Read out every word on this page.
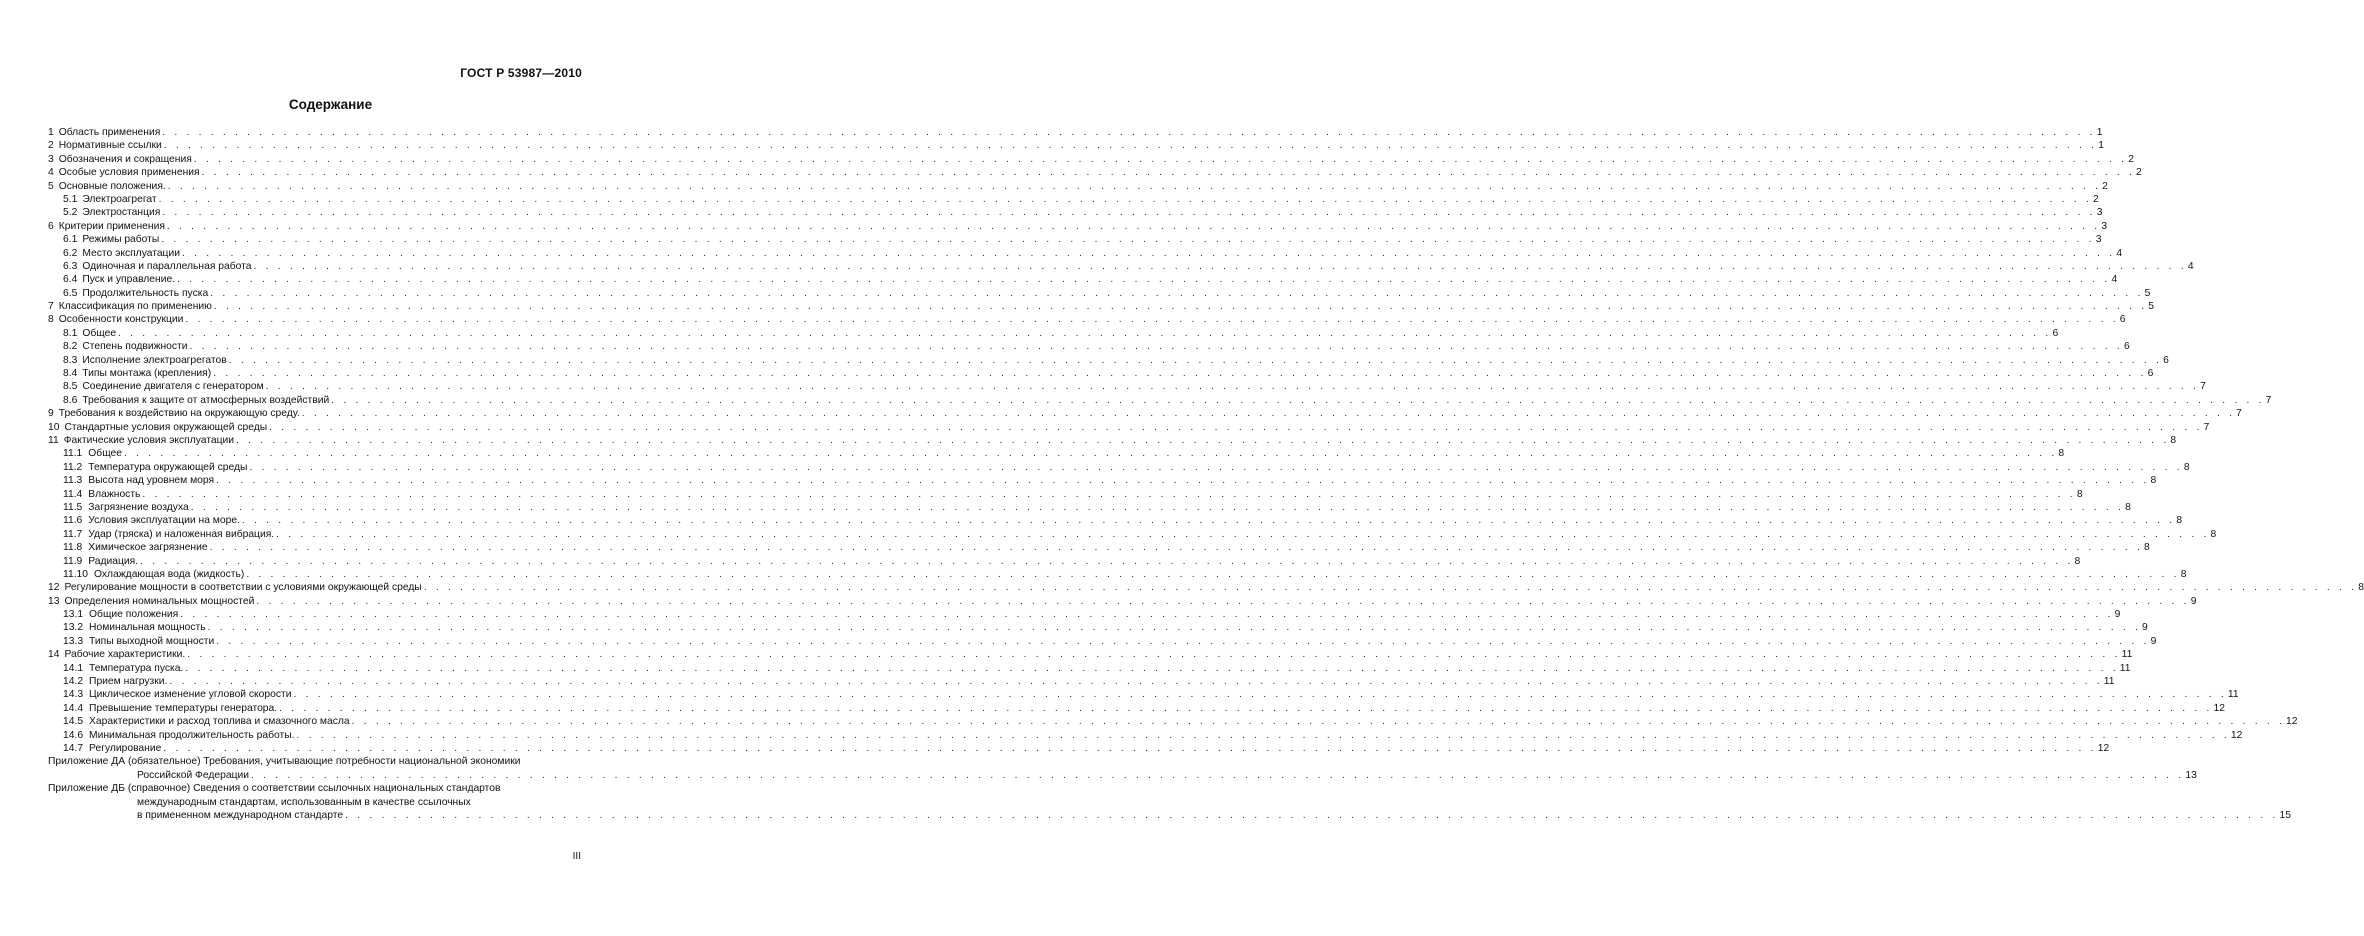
ГОСТ Р 53987—2010
Содержание
1 Область применения . . . . . . . . . . . . . . . . . . . . . . . . . . . . . . . . . . . . . . . . . . . . . . . . . . . . . . . . . . . . . . . . . . . . . . . . . . . . . . . . . . . . . . . . . . . . . . . . . . . . . . . . . . . . . . . . . . . . . . . . . . . . . . . . . . . . . . . . . . . . . . . . . . . . . . . . . . . . . . . . 1
2 Нормативные ссылки . . . . . . . . . . . . . . . . . . . . . . . . . . . . . . . . . . . . . . . . . . . . . . . . . . . . . . . . . . . . . . . . . . . . . . . . . . . . . . . . . . . . . . . . . . . . . . . . . . . . . . . . . . . . . . . . . . . . . . . . . . . . . . . . . . . . . . . . . . . . . . . . . . . . . . . . . . . . . . . . 1
3 Обозначения и сокращения . . . . . . . . . . . . . . . . . . . . . . . . . . . . . . . . . . . . . . . . . . . . . . . . . . . . . . . . . . . . . . . . . . . . . . . . . . . . . . . . . . . . . . . . . . . . . . . . . . . . . . . . . . . . . . . . . . . . . . . . . . . . . . . . . . . . . . . . . . . . . . . . . . . . . . . . . . . . . . . . 2
4 Особые условия применения . . . . . . . . . . . . . . . . . . . . . . . . . . . . . . . . . . . . . . . . . . . . . . . . . . . . . . . . . . . . . . . . . . . . . . . . . . . . . . . . . . . . . . . . . . . . . . . . . . . . . . . . . . . . . . . . . . . . . . . . . . . . . . . . . . . . . . . . . . . . . . . . . . . . . . . . . . . . . . . . 2
5 Основные положения. . . . . . . . . . . . . . . . . . . . . . . . . . . . . . . . . . . . . . . . . . . . . . . . . . . . . . . . . . . . . . . . . . . . . . . . . . . . . . . . . . . . . . . . . . . . . . . . . . . . . . . . . . . . . . . . . . . . . . . . . . . . . . . . . . . . . . . . . . . . . . . . . . . . . . . . . . . . . . . . . 2
5.1 Электроагрегат . . . . . . . . . . . . . . . . . . . . . . . . . . . . . . . . . . . . . . . . . . . . . . . . . . . . . . . . . . . . . . . . . . . . . . . . . . . . . . . . . . . . . . . . . . . . . . . . . . . . . . . . . . . . . . . . . . . . . . . . . . . . . . . . . . . . . . . . . . . . . . . . . . . . . . . . . . . . . . . . 2
5.2 Электростанция . . . . . . . . . . . . . . . . . . . . . . . . . . . . . . . . . . . . . . . . . . . . . . . . . . . . . . . . . . . . . . . . . . . . . . . . . . . . . . . . . . . . . . . . . . . . . . . . . . . . . . . . . . . . . . . . . . . . . . . . . . . . . . . . . . . . . . . . . . . . . . . . . . . . . . . . . . . . . . . . 3
6 Критерии применения . . . . . . . . . . . . . . . . . . . . . . . . . . . . . . . . . . . . . . . . . . . . . . . . . . . . . . . . . . . . . . . . . . . . . . . . . . . . . . . . . . . . . . . . . . . . . . . . . . . . . . . . . . . . . . . . . . . . . . . . . . . . . . . . . . . . . . . . . . . . . . . . . . . . . . . . . . . . . . . . 3
6.1 Режимы работы . . . . . . . . . . . . . . . . . . . . . . . . . . . . . . . . . . . . . . . . . . . . . . . . . . . . . . . . . . . . . . . . . . . . . . . . . . . . . . . . . . . . . . . . . . . . . . . . . . . . . . . . . . . . . . . . . . . . . . . . . . . . . . . . . . . . . . . . . . . . . . . . . . . . . . . . . . . . . . . . 3
6.2 Место эксплуатации . . . . . . . . . . . . . . . . . . . . . . . . . . . . . . . . . . . . . . . . . . . . . . . . . . . . . . . . . . . . . . . . . . . . . . . . . . . . . . . . . . . . . . . . . . . . . . . . . . . . . . . . . . . . . . . . . . . . . . . . . . . . . . . . . . . . . . . . . . . . . . . . . . . . . . . . . . . . . . . . 4
6.3 Одиночная и параллельная работа . . . . . . . . . . . . . . . . . . . . . . . . . . . . . . . . . . . . . . . . . . . . . . . . . . . . . . . . . . . . . . . . . . . . . . . . . . . . . . . . . . . . . . . . . . . . . . . . . . . . . . . . . . . . . . . . . . . . . . . . . . . . . . . . . . . . . . . . . . . . . . . . . . . . . . . . . . . . . . . . 4
6.4 Пуск и управление. . . . . . . . . . . . . . . . . . . . . . . . . . . . . . . . . . . . . . . . . . . . . . . . . . . . . . . . . . . . . . . . . . . . . . . . . . . . . . . . . . . . . . . . . . . . . . . . . . . . . . . . . . . . . . . . . . . . . . . . . . . . . . . . . . . . . . . . . . . . . . . . . . . . . . . . . . . . . . . . . 4
6.5 Продолжительность пуска . . . . . . . . . . . . . . . . . . . . . . . . . . . . . . . . . . . . . . . . . . . . . . . . . . . . . . . . . . . . . . . . . . . . . . . . . . . . . . . . . . . . . . . . . . . . . . . . . . . . . . . . . . . . . . . . . . . . . . . . . . . . . . . . . . . . . . . . . . . . . . . . . . . . . . . . . . . . . . . . 5
7 Классификация по применению . . . . . . . . . . . . . . . . . . . . . . . . . . . . . . . . . . . . . . . . . . . . . . . . . . . . . . . . . . . . . . . . . . . . . . . . . . . . . . . . . . . . . . . . . . . . . . . . . . . . . . . . . . . . . . . . . . . . . . . . . . . . . . . . . . . . . . . . . . . . . . . . . . . . . . . . . . . . . . . . 5
8 Особенности конструкции . . . . . . . . . . . . . . . . . . . . . . . . . . . . . . . . . . . . . . . . . . . . . . . . . . . . . . . . . . . . . . . . . . . . . . . . . . . . . . . . . . . . . . . . . . . . . . . . . . . . . . . . . . . . . . . . . . . . . . . . . . . . . . . . . . . . . . . . . . . . . . . . . . . . . . . . . . . . . . . . 6
8.1 Общее . . . . . . . . . . . . . . . . . . . . . . . . . . . . . . . . . . . . . . . . . . . . . . . . . . . . . . . . . . . . . . . . . . . . . . . . . . . . . . . . . . . . . . . . . . . . . . . . . . . . . . . . . . . . . . . . . . . . . . . . . . . . . . . . . . . . . . . . . . . . . . . . . . . . . . . . . . . . . . . . 6
8.2 Степень подвижности . . . . . . . . . . . . . . . . . . . . . . . . . . . . . . . . . . . . . . . . . . . . . . . . . . . . . . . . . . . . . . . . . . . . . . . . . . . . . . . . . . . . . . . . . . . . . . . . . . . . . . . . . . . . . . . . . . . . . . . . . . . . . . . . . . . . . . . . . . . . . . . . . . . . . . . . . . . . . . . . 6
8.3 Исполнение электроагрегатов . . . . . . . . . . . . . . . . . . . . . . . . . . . . . . . . . . . . . . . . . . . . . . . . . . . . . . . . . . . . . . . . . . . . . . . . . . . . . . . . . . . . . . . . . . . . . . . . . . . . . . . . . . . . . . . . . . . . . . . . . . . . . . . . . . . . . . . . . . . . . . . . . . . . . . . . . . . . . . . . 6
8.4 Типы монтажа (крепления) . . . . . . . . . . . . . . . . . . . . . . . . . . . . . . . . . . . . . . . . . . . . . . . . . . . . . . . . . . . . . . . . . . . . . . . . . . . . . . . . . . . . . . . . . . . . . . . . . . . . . . . . . . . . . . . . . . . . . . . . . . . . . . . . . . . . . . . . . . . . . . . . . . . . . . . . . . . . . . . . 6
8.5 Соединение двигателя с генератором . . . . . . . . . . . . . . . . . . . . . . . . . . . . . . . . . . . . . . . . . . . . . . . . . . . . . . . . . . . . . . . . . . . . . . . . . . . . . . . . . . . . . . . . . . . . . . . . . . . . . . . . . . . . . . . . . . . . . . . . . . . . . . . . . . . . . . . . . . . . . . . . . . . . . . . . . . . . . . . . 7
8.6 Требования к защите от атмосферных воздействий . . . . . . . . . . . . . . . . . . . . . . . . . . . . . . . . . . . . . . . . . . . . . . . . . . . . . . . . . . . . . . . . . . . . . . . . . . . . . . . . . . . . . . . . . . . . . . . . . . . . . . . . . . . . . . . . . . . . . . . . . . . . . . . . . . . . . . . . . . . . . . . . . . . . . . . . . . . . . . . . 7
9 Требования к воздействию на окружающую среду. . . . . . . . . . . . . . . . . . . . . . . . . . . . . . . . . . . . . . . . . . . . . . . . . . . . . . . . . . . . . . . . . . . . . . . . . . . . . . . . . . . . . . . . . . . . . . . . . . . . . . . . . . . . . . . . . . . . . . . . . . . . . . . . . . . . . . . . . . . . . . . . . . . . . . . . . . . . . . . . . 7
10 Стандартные условия окружающей среды . . . . . . . . . . . . . . . . . . . . . . . . . . . . . . . . . . . . . . . . . . . . . . . . . . . . . . . . . . . . . . . . . . . . . . . . . . . . . . . . . . . . . . . . . . . . . . . . . . . . . . . . . . . . . . . . . . . . . . . . . . . . . . . . . . . . . . . . . . . . . . . . . . . . . . . . . . . . . . . . 7
11 Фактические условия эксплуатации . . . . . . . . . . . . . . . . . . . . . . . . . . . . . . . . . . . . . . . . . . . . . . . . . . . . . . . . . . . . . . . . . . . . . . . . . . . . . . . . . . . . . . . . . . . . . . . . . . . . . . . . . . . . . . . . . . . . . . . . . . . . . . . . . . . . . . . . . . . . . . . . . . . . . . . . . . . . . . . . 8
11.1 Общее . . . . . . . . . . . . . . . . . . . . . . . . . . . . . . . . . . . . . . . . . . . . . . . . . . . . . . . . . . . . . . . . . . . . . . . . . . . . . . . . . . . . . . . . . . . . . . . . . . . . . . . . . . . . . . . . . . . . . . . . . . . . . . . . . . . . . . . . . . . . . . . . . . . . . . . . . . . . . . . . 8
11.2 Температура окружающей среды . . . . . . . . . . . . . . . . . . . . . . . . . . . . . . . . . . . . . . . . . . . . . . . . . . . . . . . . . . . . . . . . . . . . . . . . . . . . . . . . . . . . . . . . . . . . . . . . . . . . . . . . . . . . . . . . . . . . . . . . . . . . . . . . . . . . . . . . . . . . . . . . . . . . . . . . . . . . . . . . 8
11.3 Высота над уровнем моря . . . . . . . . . . . . . . . . . . . . . . . . . . . . . . . . . . . . . . . . . . . . . . . . . . . . . . . . . . . . . . . . . . . . . . . . . . . . . . . . . . . . . . . . . . . . . . . . . . . . . . . . . . . . . . . . . . . . . . . . . . . . . . . . . . . . . . . . . . . . . . . . . . . . . . . . . . . . . . . . 8
11.4 Влажность . . . . . . . . . . . . . . . . . . . . . . . . . . . . . . . . . . . . . . . . . . . . . . . . . . . . . . . . . . . . . . . . . . . . . . . . . . . . . . . . . . . . . . . . . . . . . . . . . . . . . . . . . . . . . . . . . . . . . . . . . . . . . . . . . . . . . . . . . . . . . . . . . . . . . . . . . . . . . . . . 8
11.5 Загрязнение воздуха . . . . . . . . . . . . . . . . . . . . . . . . . . . . . . . . . . . . . . . . . . . . . . . . . . . . . . . . . . . . . . . . . . . . . . . . . . . . . . . . . . . . . . . . . . . . . . . . . . . . . . . . . . . . . . . . . . . . . . . . . . . . . . . . . . . . . . . . . . . . . . . . . . . . . . . . . . . . . . . . 8
11.6 Условия эксплуатации на море. . . . . . . . . . . . . . . . . . . . . . . . . . . . . . . . . . . . . . . . . . . . . . . . . . . . . . . . . . . . . . . . . . . . . . . . . . . . . . . . . . . . . . . . . . . . . . . . . . . . . . . . . . . . . . . . . . . . . . . . . . . . . . . . . . . . . . . . . . . . . . . . . . . . . . . . . . . . . . . . . 8
11.7 Удар (тряска) и наложенная вибрация. . . . . . . . . . . . . . . . . . . . . . . . . . . . . . . . . . . . . . . . . . . . . . . . . . . . . . . . . . . . . . . . . . . . . . . . . . . . . . . . . . . . . . . . . . . . . . . . . . . . . . . . . . . . . . . . . . . . . . . . . . . . . . . . . . . . . . . . . . . . . . . . . . . . . . . . . . . . . . . . . 8
11.8 Химическое загрязнение . . . . . . . . . . . . . . . . . . . . . . . . . . . . . . . . . . . . . . . . . . . . . . . . . . . . . . . . . . . . . . . . . . . . . . . . . . . . . . . . . . . . . . . . . . . . . . . . . . . . . . . . . . . . . . . . . . . . . . . . . . . . . . . . . . . . . . . . . . . . . . . . . . . . . . . . . . . . . . . . 8
11.9 Радиация. . . . . . . . . . . . . . . . . . . . . . . . . . . . . . . . . . . . . . . . . . . . . . . . . . . . . . . . . . . . . . . . . . . . . . . . . . . . . . . . . . . . . . . . . . . . . . . . . . . . . . . . . . . . . . . . . . . . . . . . . . . . . . . . . . . . . . . . . . . . . . . . . . . . . . . . . . . . . . . . . 8
11.10 Охлаждающая вода (жидкость) . . . . . . . . . . . . . . . . . . . . . . . . . . . . . . . . . . . . . . . . . . . . . . . . . . . . . . . . . . . . . . . . . . . . . . . . . . . . . . . . . . . . . . . . . . . . . . . . . . . . . . . . . . . . . . . . . . . . . . . . . . . . . . . . . . . . . . . . . . . . . . . . . . . . . . . . . . . . . . . . 8
12 Регулирование мощности в соответствии с условиями окружающей среды . . . . . . . . . . . . . . . . . . . . . . . . . . . . . . . . . . . . . . . . . . . . . . . . . . . . . . . . . . . . . . . . . . . . . . . . . . . . . . . . . . . . . . . . . . . . . . . . . . . . . . . . . . . . . . . . . . . . . . . . . . . . . . . . . . . . . . . . . . . . . . . . . . . . . . . . . . . . . . . . 8
13 Определения номинальных мощностей . . . . . . . . . . . . . . . . . . . . . . . . . . . . . . . . . . . . . . . . . . . . . . . . . . . . . . . . . . . . . . . . . . . . . . . . . . . . . . . . . . . . . . . . . . . . . . . . . . . . . . . . . . . . . . . . . . . . . . . . . . . . . . . . . . . . . . . . . . . . . . . . . . . . . . . . . . . . . . . . 9
13.1 Общие положения . . . . . . . . . . . . . . . . . . . . . . . . . . . . . . . . . . . . . . . . . . . . . . . . . . . . . . . . . . . . . . . . . . . . . . . . . . . . . . . . . . . . . . . . . . . . . . . . . . . . . . . . . . . . . . . . . . . . . . . . . . . . . . . . . . . . . . . . . . . . . . . . . . . . . . . . . . . . . . . . 9
13.2 Номинальная мощность . . . . . . . . . . . . . . . . . . . . . . . . . . . . . . . . . . . . . . . . . . . . . . . . . . . . . . . . . . . . . . . . . . . . . . . . . . . . . . . . . . . . . . . . . . . . . . . . . . . . . . . . . . . . . . . . . . . . . . . . . . . . . . . . . . . . . . . . . . . . . . . . . . . . . . . . . . . . . . . . 9
13.3 Типы выходной мощности . . . . . . . . . . . . . . . . . . . . . . . . . . . . . . . . . . . . . . . . . . . . . . . . . . . . . . . . . . . . . . . . . . . . . . . . . . . . . . . . . . . . . . . . . . . . . . . . . . . . . . . . . . . . . . . . . . . . . . . . . . . . . . . . . . . . . . . . . . . . . . . . . . . . . . . . . . . . . . . . 9
14 Рабочие характеристики. . . . . . . . . . . . . . . . . . . . . . . . . . . . . . . . . . . . . . . . . . . . . . . . . . . . . . . . . . . . . . . . . . . . . . . . . . . . . . . . . . . . . . . . . . . . . . . . . . . . . . . . . . . . . . . . . . . . . . . . . . . . . . . . . . . . . . . . . . . . . . . . . . . . . . . . . . . . . . . . . 11
14.1 Температура пуска. . . . . . . . . . . . . . . . . . . . . . . . . . . . . . . . . . . . . . . . . . . . . . . . . . . . . . . . . . . . . . . . . . . . . . . . . . . . . . . . . . . . . . . . . . . . . . . . . . . . . . . . . . . . . . . . . . . . . . . . . . . . . . . . . . . . . . . . . . . . . . . . . . . . . . . . . . . . . . . . . 11
14.2 Прием нагрузки. . . . . . . . . . . . . . . . . . . . . . . . . . . . . . . . . . . . . . . . . . . . . . . . . . . . . . . . . . . . . . . . . . . . . . . . . . . . . . . . . . . . . . . . . . . . . . . . . . . . . . . . . . . . . . . . . . . . . . . . . . . . . . . . . . . . . . . . . . . . . . . . . . . . . . . . . . . . . . . . . 11
14.3 Циклическое изменение угловой скорости . . . . . . . . . . . . . . . . . . . . . . . . . . . . . . . . . . . . . . . . . . . . . . . . . . . . . . . . . . . . . . . . . . . . . . . . . . . . . . . . . . . . . . . . . . . . . . . . . . . . . . . . . . . . . . . . . . . . . . . . . . . . . . . . . . . . . . . . . . . . . . . . . . . . . . . . . . . . . . . . 11
14.4 Превышение температуры генератора. . . . . . . . . . . . . . . . . . . . . . . . . . . . . . . . . . . . . . . . . . . . . . . . . . . . . . . . . . . . . . . . . . . . . . . . . . . . . . . . . . . . . . . . . . . . . . . . . . . . . . . . . . . . . . . . . . . . . . . . . . . . . . . . . . . . . . . . . . . . . . . . . . . . . . . . . . . . . . . . . 12
14.5 Характеристики и расход топлива и смазочного масла . . . . . . . . . . . . . . . . . . . . . . . . . . . . . . . . . . . . . . . . . . . . . . . . . . . . . . . . . . . . . . . . . . . . . . . . . . . . . . . . . . . . . . . . . . . . . . . . . . . . . . . . . . . . . . . . . . . . . . . . . . . . . . . . . . . . . . . . . . . . . . . . . . . . . . . . . . . . . . . . 12
14.6 Минимальная продолжительность работы. . . . . . . . . . . . . . . . . . . . . . . . . . . . . . . . . . . . . . . . . . . . . . . . . . . . . . . . . . . . . . . . . . . . . . . . . . . . . . . . . . . . . . . . . . . . . . . . . . . . . . . . . . . . . . . . . . . . . . . . . . . . . . . . . . . . . . . . . . . . . . . . . . . . . . . . . . . . . . . . . 12
14.7 Регулирование . . . . . . . . . . . . . . . . . . . . . . . . . . . . . . . . . . . . . . . . . . . . . . . . . . . . . . . . . . . . . . . . . . . . . . . . . . . . . . . . . . . . . . . . . . . . . . . . . . . . . . . . . . . . . . . . . . . . . . . . . . . . . . . . . . . . . . . . . . . . . . . . . . . . . . . . . . . . . . . . 12
Приложение ДА (обязательное) Требования, учитывающие потребности национальной экономики
Российской Федерации . . . . . . . . . . . . . . . . . . . . . . . . . . . . . . . . . . . . . . . . . . . . . . . . . . . . . . . . . . . . . . . . . . . . . . . . . . . . . . . . . . . . . . . . . . . . . . . . . . . . . . . . . . . . . . . . . . . . . . . . . . . . . . . . . . . . . . . . . . . . . . . . . . . . . . . . . . . . . . . . 13
Приложение ДБ (справочное) Сведения о соответствии ссылочных национальных стандартов
международным стандартам, использованным в качестве ссылочных
в примененном международном стандарте . . . . . . . . . . . . . . . . . . . . . . . . . . . . . . . . . . . . . . . . . . . . . . . . . . . . . . . . . . . . . . . . . . . . . . . . . . . . . . . . . . . . . . . . . . . . . . . . . . . . . . . . . . . . . . . . . . . . . . . . . . . . . . . . . . . . . . . . . . . . . . . . . . . . . . . . . . . . . . . . 15
III
